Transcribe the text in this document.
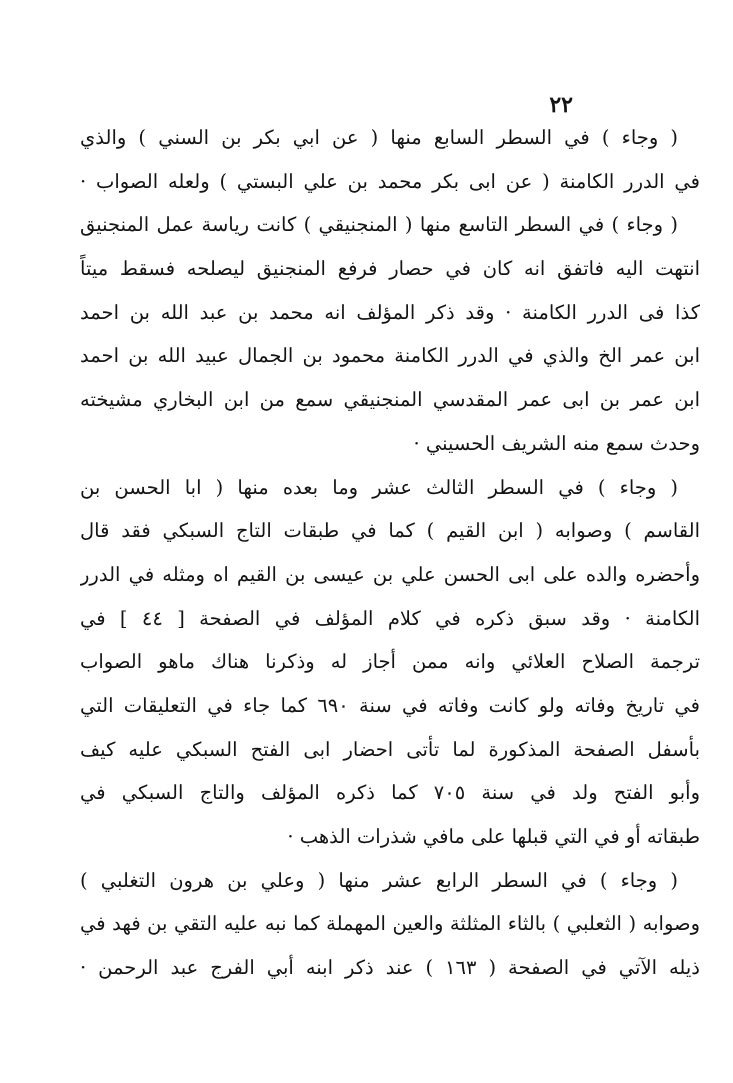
٢٢
( وجاء ) في السطر السابع منها ( عن ابي بكر بن السني ) والذي
في الدرر الكامنة ( عن ابى بكر محمد بن علي البستي ) ولعله الصواب ·
( وجاء ) في السطر التاسع منها ( المنجنيقي ) كانت رياسة عمل المنجنيق
انتهت اليه فاتفق انه كان في حصار فرفع المنجنيق ليصلحه فسقط ميتاً
كذا فى الدرر الكامنة · وقد ذكر المؤلف انه محمد بن عبد الله بن احمد
ابن عمر الخ والذي في الدرر الكامنة محمود بن الجمال عبيد الله بن احمد
ابن عمر بن ابى عمر المقدسي المنجنيقي سمع من ابن البخاري مشيخته
وحدث سمع منه الشريف الحسيني ·
( وجاء ) في السطر الثالث عشر وما بعده منها ( ابا الحسن بن
القاسم ) وصوابه ( ابن القيم ) كما في طبقات التاج السبكي فقد قال
وأحضره والده على ابى الحسن علي بن عيسى بن القيم اه ومثله في الدرر
الكامنة · وقد سبق ذكره في كلام المؤلف في الصفحة [ ٤٤ ] في
ترجمة الصلاح العلائي وانه ممن أجاز له وذكرنا هناك ماهو الصواب
في تاريخ وفاته ولو كانت وفاته في سنة ٦٩٠ كما جاء في التعليقات التي
بأسفل الصفحة المذكورة لما تأتى احضار ابى الفتح السبكي عليه كيف
وأبو الفتح ولد في سنة ٧٠٥ كما ذكره المؤلف والتاج السبكي في
طبقاته أو في التي قبلها على مافي شذرات الذهب ·
( وجاء ) في السطر الرابع عشر منها ( وعلي بن هرون التغلبي )
وصوابه ( الثعلبي ) بالثاء المثلثة والعين المهملة كما نبه عليه التقي بن فهد في
ذيله الآتي في الصفحة ( ١٦٣ ) عند ذكر ابنه أبي الفرج عبد الرحمن ·
